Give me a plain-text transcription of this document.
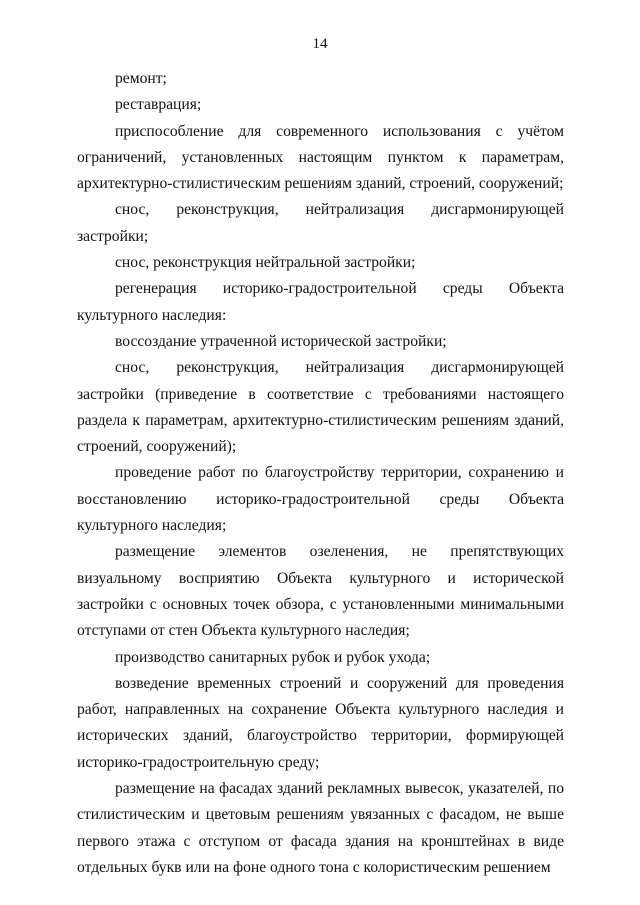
14

ремонт;

реставрация;

приспособление для современного использования с учётом ограничений, установленных настоящим пунктом к параметрам, архитектурно-стилистическим решениям зданий, строений, сооружений;

снос, реконструкция, нейтрализация дисгармонирующей застройки;

снос, реконструкция нейтральной застройки;

регенерация историко-градостроительной среды Объекта культурного наследия:

воссоздание утраченной исторической застройки;

снос, реконструкция, нейтрализация дисгармонирующей застройки (приведение в соответствие с требованиями настоящего раздела к параметрам, архитектурно-стилистическим решениям зданий, строений, сооружений);

проведение работ по благоустройству территории, сохранению и восстановлению историко-градостроительной среды Объекта культурного наследия;

размещение элементов озеленения, не препятствующих визуальному восприятию Объекта культурного и исторической застройки с основных точек обзора, с установленными минимальными отступами от стен Объекта культурного наследия;

производство санитарных рубок и рубок ухода;

возведение временных строений и сооружений для проведения работ, направленных на сохранение Объекта культурного наследия и исторических зданий, благоустройство территории, формирующей историко-градостроительную среду;

размещение на фасадах зданий рекламных вывесок, указателей, по стилистическим и цветовым решениям увязанных с фасадом, не выше первого этажа с отступом от фасада здания на кронштейнах в виде отдельных букв или на фоне одного тона с колористическим решением
